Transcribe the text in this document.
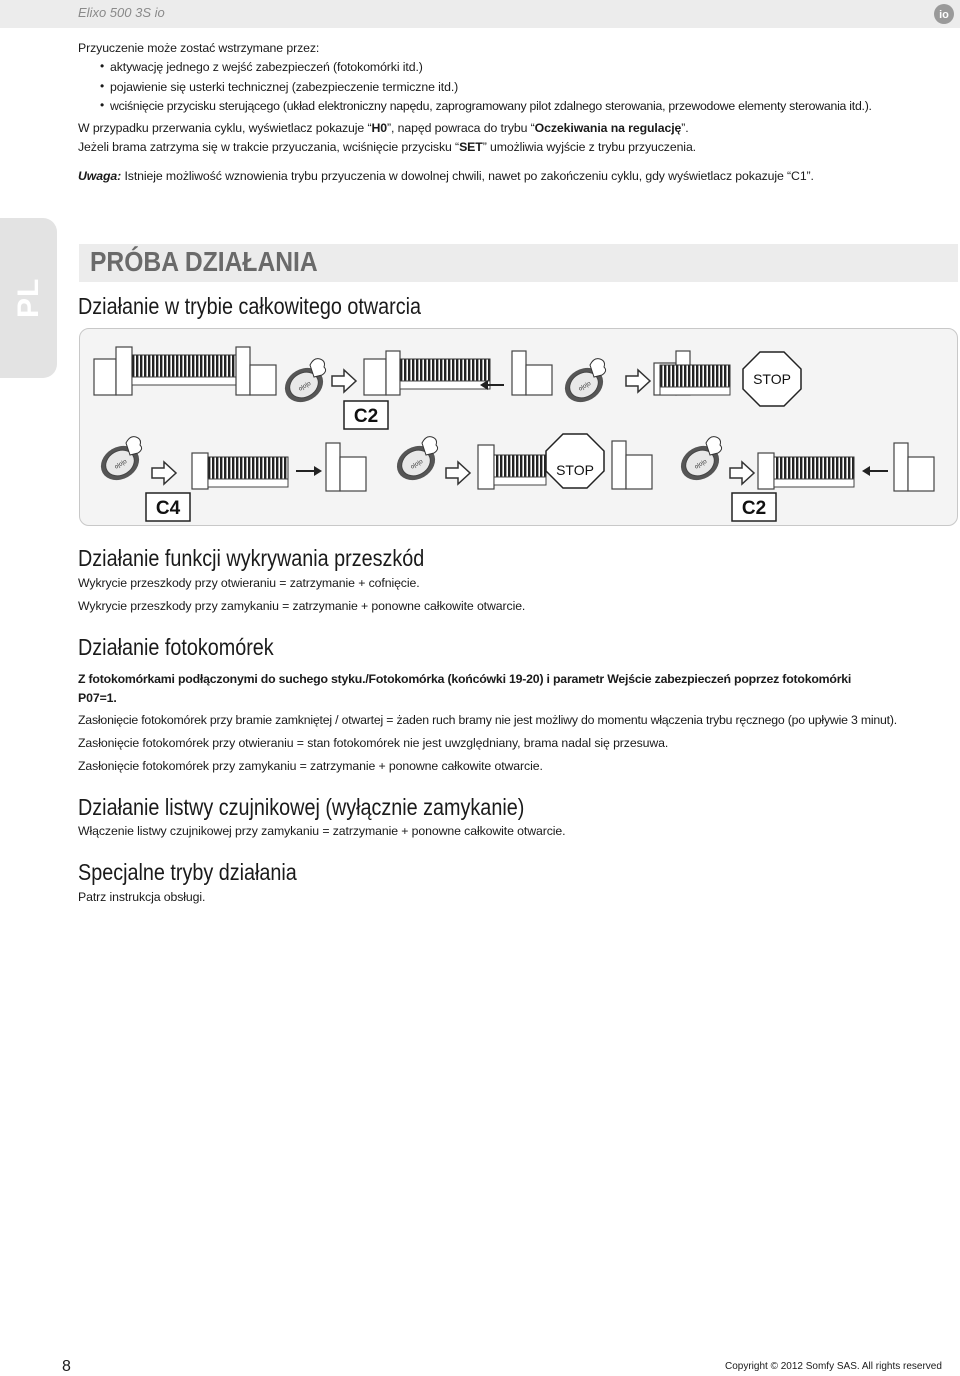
Elixo 500 3S io	io
Przyuczenie może zostać wstrzymane przez:
• aktywację jednego z wejść zabezpieczeń (fotokomórki itd.)
• pojawienie się usterki technicznej (zabezpieczenie termiczne itd.)
• wciśnięcie przycisku sterującego (układ elektroniczny napędu, zaprogramowany pilot zdalnego sterowania, przewodowe elementy sterowania itd.).
W przypadku przerwania cyklu, wyświetlacz pokazuje “H0”, napęd powraca do trybu “Oczekiwania na regulację”.
Jeżeli brama zatrzyma się w trakcie przyuczania, wciśnięcie przycisku “SET” umożliwia wyjście z trybu przyuczenia.
Uwaga: Istnieje możliwość wznowienia trybu przyuczenia w dowolnej chwili, nawet po zakończeniu cyklu, gdy wyświetlacz pokazuje “C1”.
PL
PRÓBA DZIAŁANIA
Działanie w trybie całkowitego otwarcia
o|o|o
C2
STOP
C4
STOP
C2
Działanie funkcji wykrywania przeszkód
Wykrycie przeszkody przy otwieraniu = zatrzymanie + cofnięcie.
Wykrycie przeszkody przy zamykaniu = zatrzymanie + ponowne całkowite otwarcie.
Działanie fotokomórek
Z fotokomórkami podłączonymi do suchego styku./Fotokomórka (końcówki 19-20) i parametr Wejście zabezpieczeń poprzez fotokomórki
P07=1.
Zasłonięcie fotokomórek przy bramie zamkniętej / otwartej = żaden ruch bramy nie jest możliwy do momentu włączenia trybu ręcznego (po upływie 3 minut).
Zasłonięcie fotokomórek przy otwieraniu = stan fotokomórek nie jest uwzględniany, brama nadal się przesuwa.
Zasłonięcie fotokomórek przy zamykaniu = zatrzymanie + ponowne całkowite otwarcie.
Działanie listwy czujnikowej (wyłącznie zamykanie)
Włączenie listwy czujnikowej przy zamykaniu = zatrzymanie + ponowne całkowite otwarcie.
Specjalne tryby działania
Patrz instrukcja obsługi.
8	Copyright © 2012 Somfy SAS. All rights reserved
